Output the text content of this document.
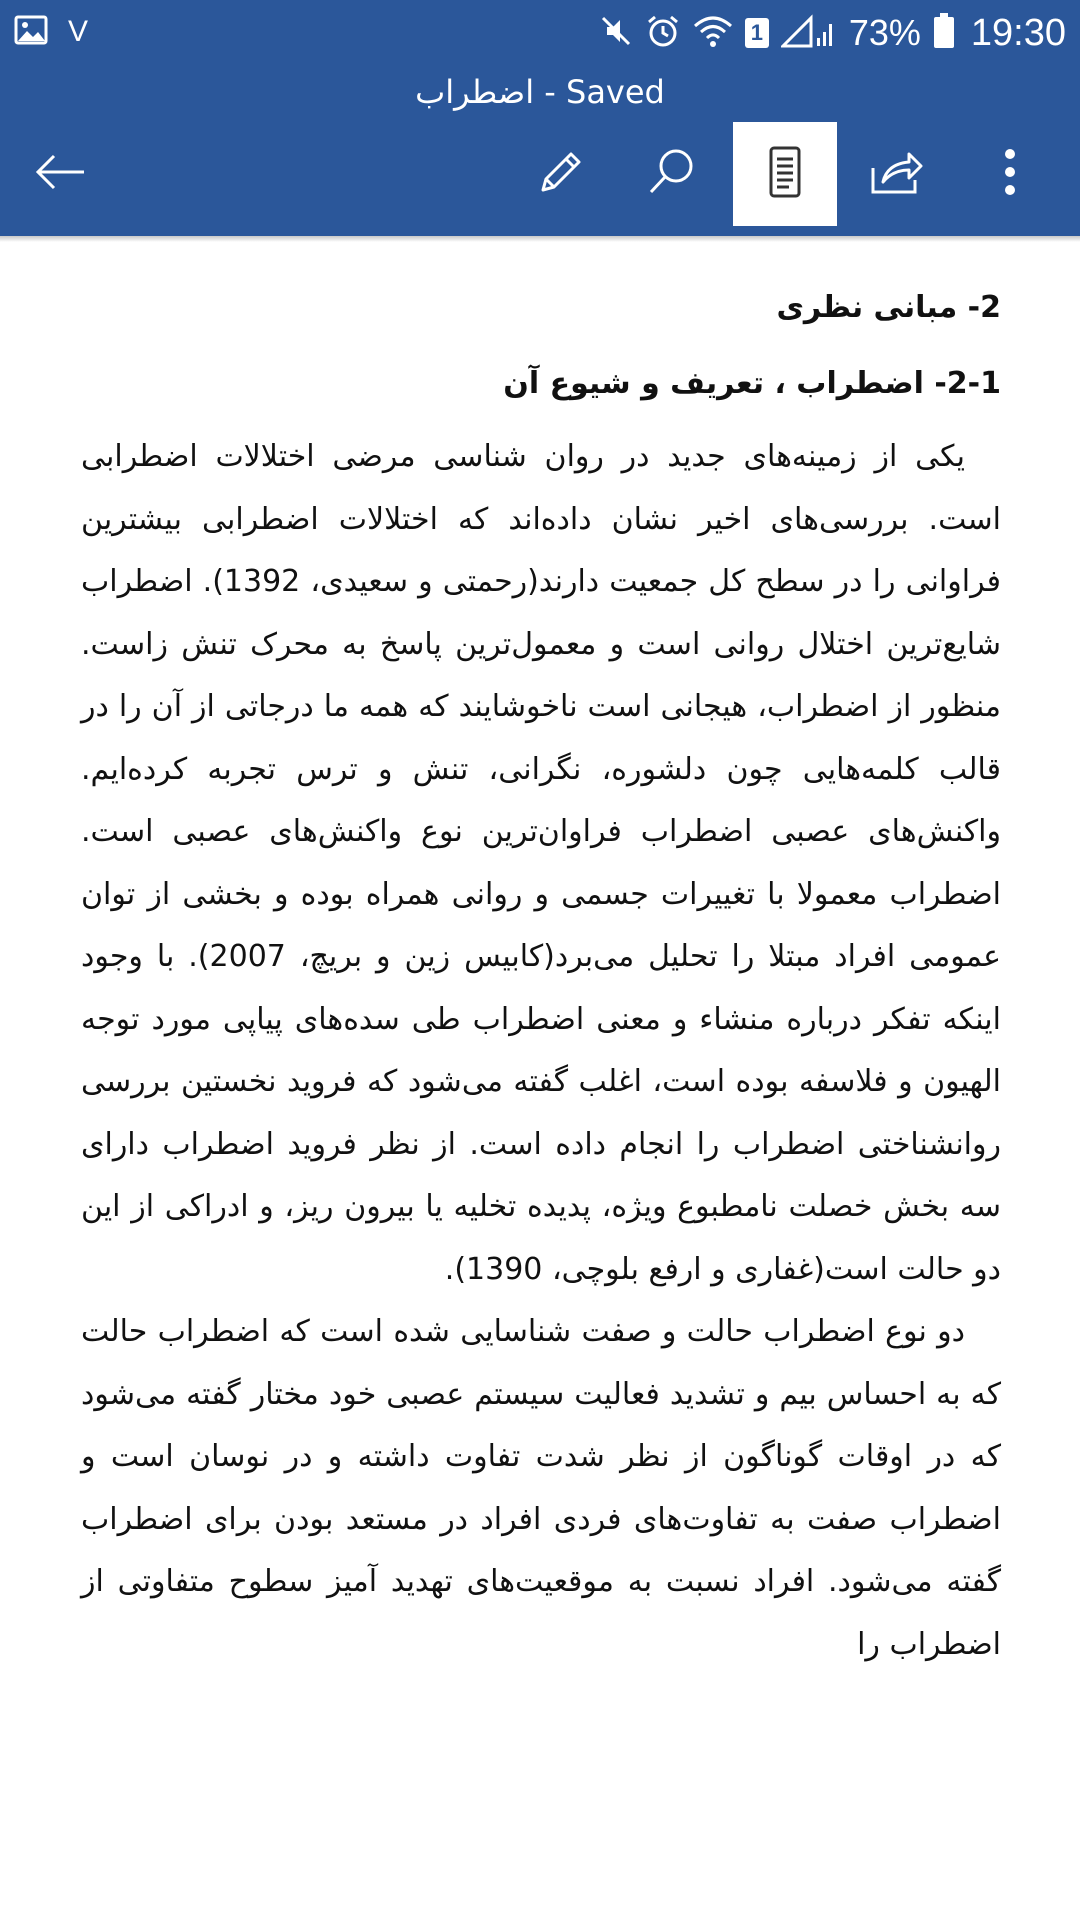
V	1 73% 19:30
اضطراب - Saved
2- مبانی نظری
2-1- اضطراب ، تعریف و شیوع آن

یکی از زمینه‌های جدید در روان شناسی مرضی اختلالات اضطرابی است. بررسی‌های اخیر نشان داده‌اند که اختلالات اضطرابی بیشترین فراوانی را در سطح کل جمعیت دارند(رحمتی و سعیدی، 1392). اضطراب شایع‌ترین اختلال روانی است و معمول‌ترین پاسخ به محرک تنش زاست. منظور از اضطراب، هیجانی است ناخوشایند که همه ما درجاتی از آن را در قالب کلمه‌هایی چون دلشوره، نگرانی، تنش و ترس تجربه کرده‌ایم. واکنش‌های عصبی اضطراب فراوان‌ترین نوع واکنش‌های عصبی است. اضطراب معمولا با تغییرات جسمی و روانی همراه بوده و بخشی از توان عمومی افراد مبتلا را تحلیل می‌برد(کابیس زین و بریچ، 2007). با وجود اینکه تفکر درباره منشاء و معنی اضطراب طی سده‌های پیاپی مورد توجه الهیون و فلاسفه بوده است، اغلب گفته می‌شود که فروید نخستین بررسی روانشناختی اضطراب را انجام داده است. از نظر فروید اضطراب دارای سه بخش خصلت نامطبوع ویژه، پدیده تخلیه یا بیرون ریز، و ادراکی از این دو حالت است(غفاری و ارفع بلوچی، 1390).

دو نوع اضطراب حالت و صفت شناسایی شده است که اضطراب حالت که به احساس بیم و تشدید فعالیت سیستم عصبی خود مختار گفته می‌شود که در اوقات گوناگون از نظر شدت تفاوت داشته و در نوسان است و اضطراب صفت به تفاوت‌های فردی افراد در مستعد بودن برای اضطراب گفته می‌شود. افراد نسبت به موقعیت‌های تهدید آمیز سطوح متفاوتی از اضطراب را
